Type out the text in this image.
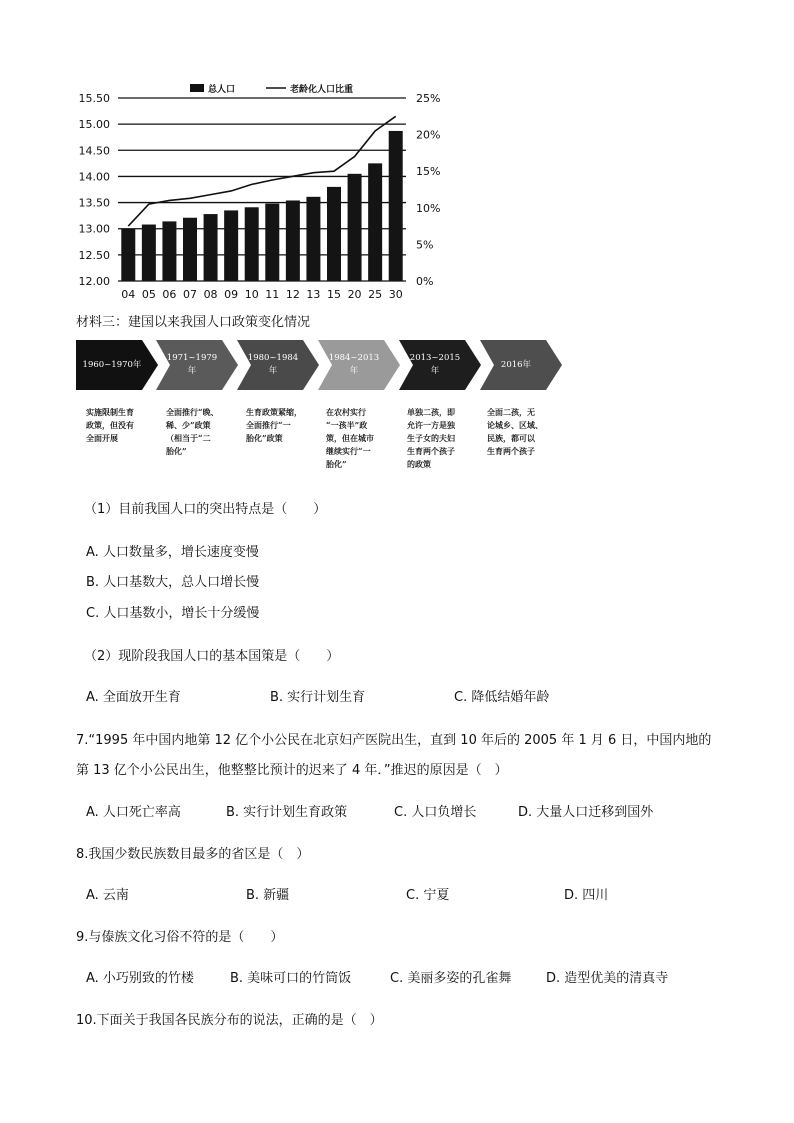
15.50
15.00
14.50
14.00
13.50
13.00
12.50
12.00
25%
20%
15%
10%
5%
0%
04 05 06 07 08 09 10 11 12 13 15 20 25 30
总人口	老龄化人口比重
材料三：建国以来我国人口政策变化情况
1960~1970年
1971~1979
年
1980~1984
年
1984~2013
年
2013~2015
年
2016年
实施限制生育
政策，但没有
全面开展
全面推行“晚、
稀、少”政策
（相当于“二
胎化”
生育政策紧缩，
全面推行“一
胎化”政策
在农村实行
“一孩半”政
策，但在城市
继续实行“一
胎化”
单独二孩，即
允许一方是独
生子女的夫妇
生育两个孩子
的政策
全面二孩，无
论城乡、区域、
民族，都可以
生育两个孩子
（1）目前我国人口的突出特点是（　　）
A. 人口数量多，增长速度变慢
B. 人口基数大，总人口增长慢
C. 人口基数小，增长十分缓慢
（2）现阶段我国人口的基本国策是（　　）
A. 全面放开生育	B. 实行计划生育	C. 降低结婚年龄
7.“1995 年中国内地第 12 亿个小公民在北京妇产医院出生，直到 10 年后的 2005 年 1 月 6 日，中国内地的
第 13 亿个小公民出生，他整整比预计的迟来了 4 年．”推迟的原因是（　）
A. 人口死亡率高	B. 实行计划生育政策	C. 人口负增长	D. 大量人口迁移到国外
8.我国少数民族数目最多的省区是（　）
A. 云南	B. 新疆	C. 宁夏	D. 四川
9.与傣族文化习俗不符的是（　　）
A. 小巧别致的竹楼	B. 美味可口的竹筒饭	C. 美丽多姿的孔雀舞	D. 造型优美的清真寺
10.下面关于我国各民族分布的说法，正确的是（　）
